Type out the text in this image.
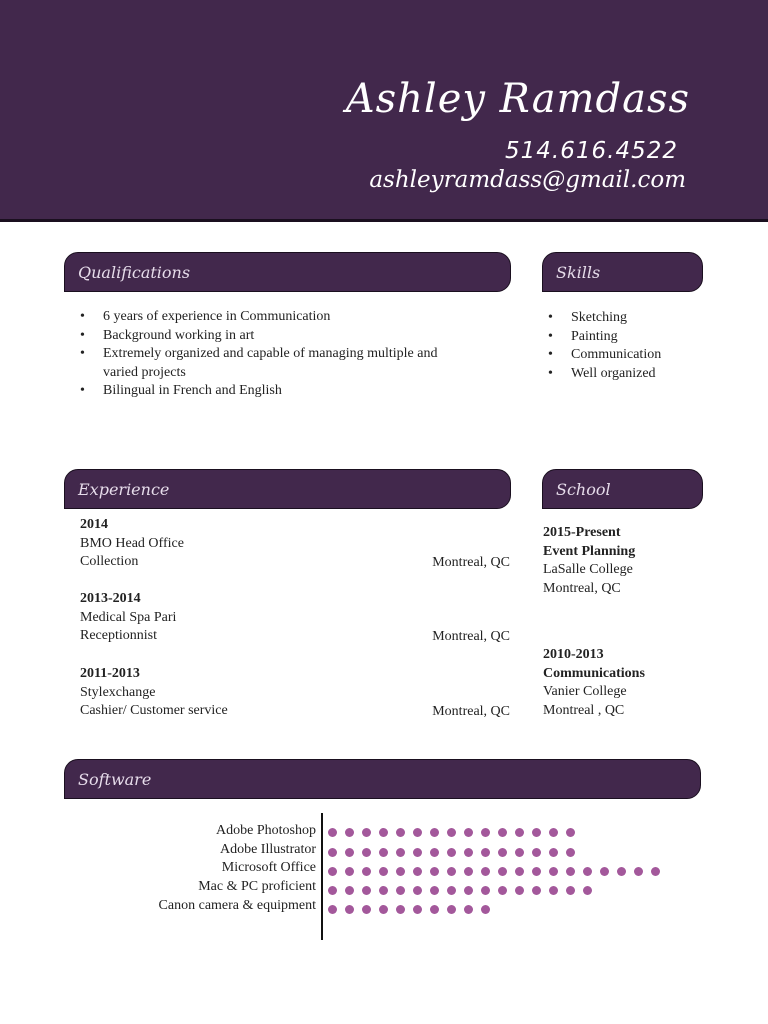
Ashley Ramdass
514.616.4522
ashleyramdass@gmail.com
Qualifications
• 6 years of experience in Communication
• Background working in art
• Extremely organized and capable of managing multiple and varied projects
• Bilingual in French and English
Skills
• Sketching
• Painting
• Communication
• Well organized
Experience
2014
BMO Head Office
Collection	Montreal, QC
2013-2014
Medical Spa Pari
Receptionnist	Montreal, QC
2011-2013
Stylexchange
Cashier/ Customer service	Montreal, QC
School
2015-Present
Event Planning
LaSalle College
Montreal, QC
2010-2013
Communications
Vanier College
Montreal , QC
Software
Adobe Photoshop
Adobe Illustrator
Microsoft Office
Mac & PC proficient
Canon camera & equipment
